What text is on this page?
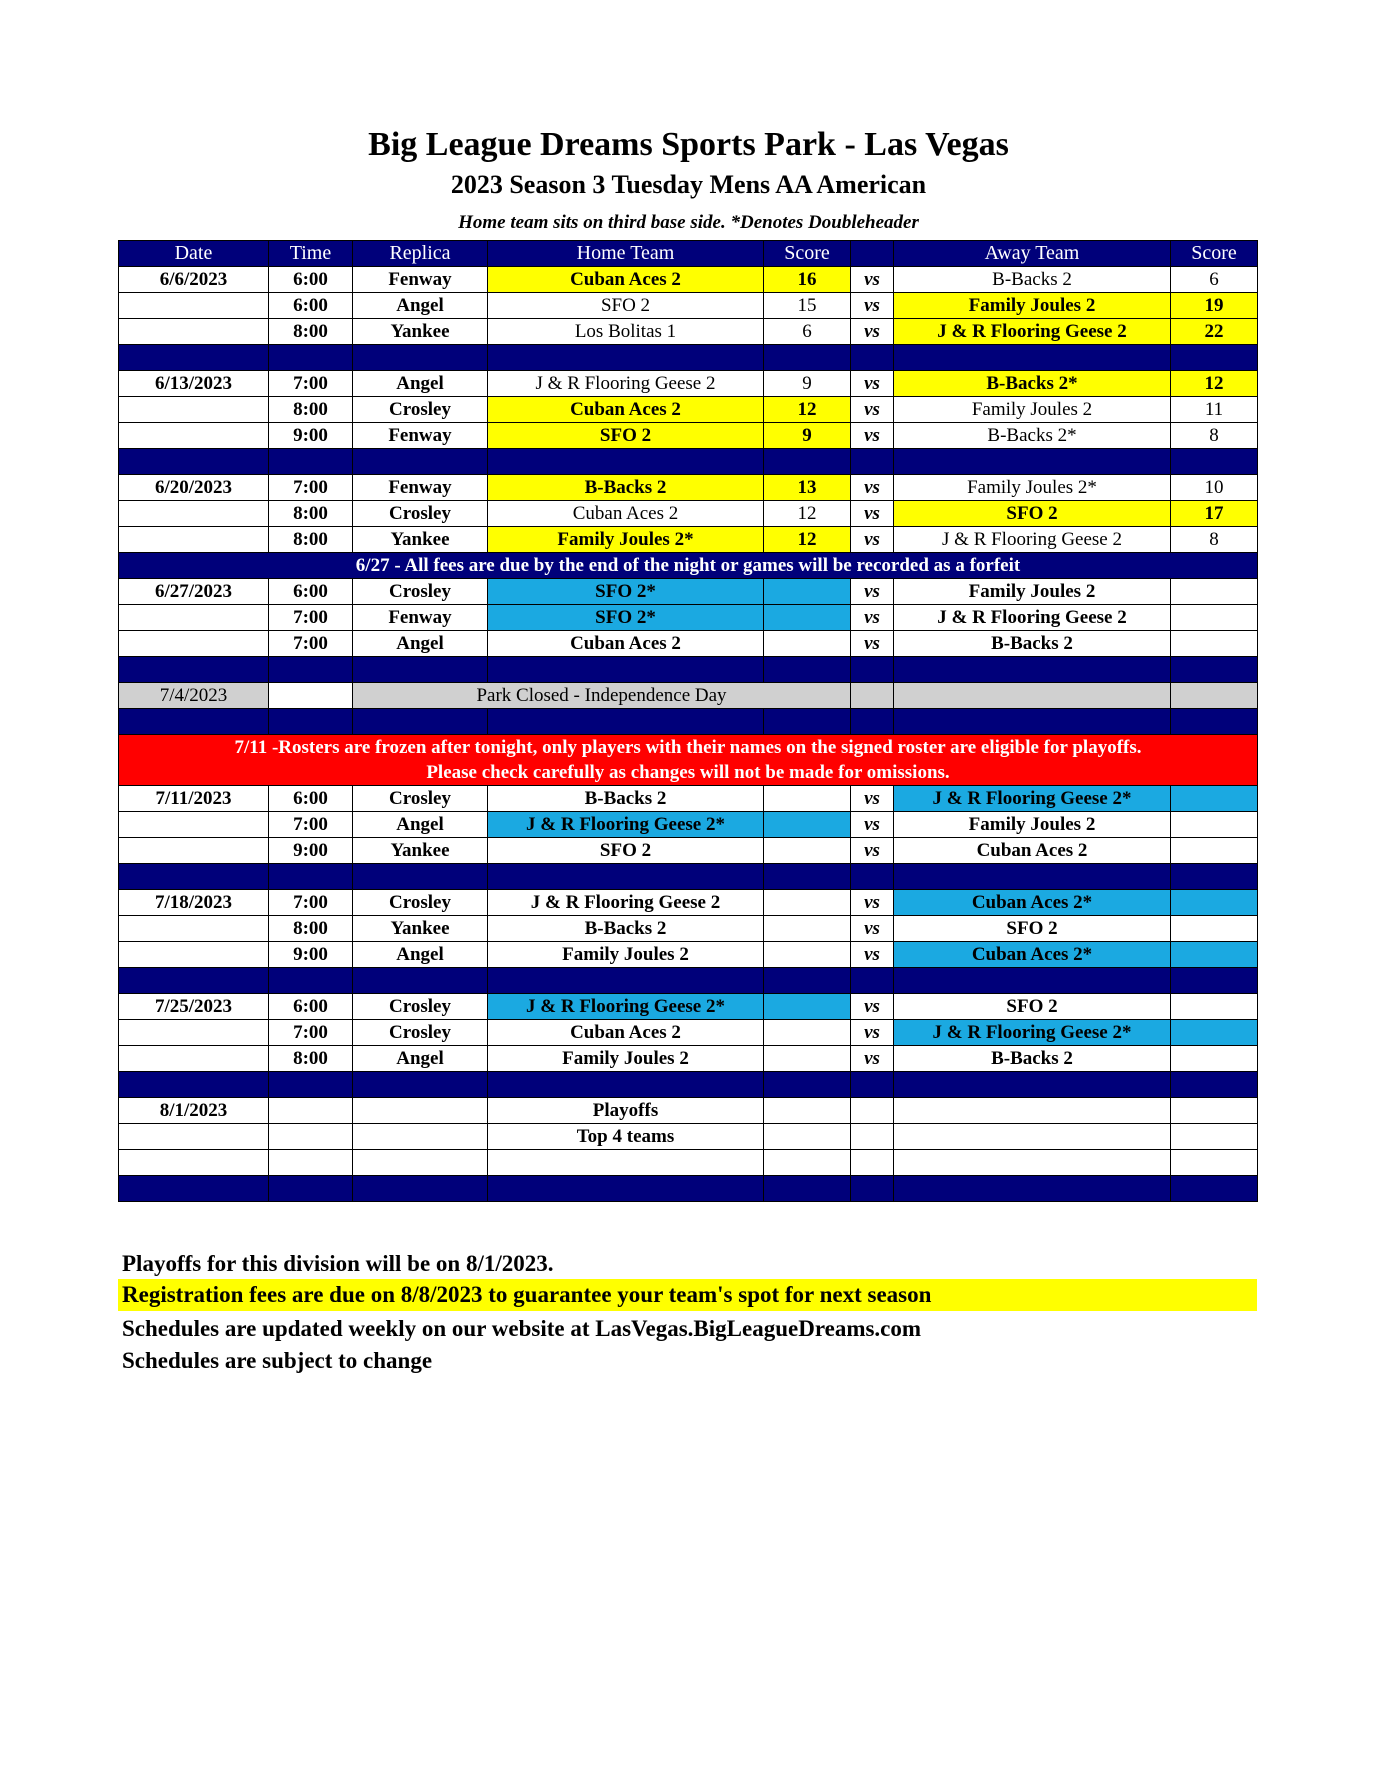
Big League Dreams Sports Park - Las Vegas
2023 Season 3 Tuesday Mens AA American
Home team sits on third base side. *Denotes Doubleheader
Date	Time	Replica	Home Team	Score		Away Team	Score
6/6/2023	6:00	Fenway	Cuban Aces 2	16	vs	B-Backs 2	6
	6:00	Angel	SFO 2	15	vs	Family Joules 2	19
	8:00	Yankee	Los Bolitas 1	6	vs	J & R Flooring Geese 2	22

6/13/2023	7:00	Angel	J & R Flooring Geese 2	9	vs	B-Backs 2*	12
	8:00	Crosley	Cuban Aces 2	12	vs	Family Joules 2	11
	9:00	Fenway	SFO 2	9	vs	B-Backs 2*	8

6/20/2023	7:00	Fenway	B-Backs 2	13	vs	Family Joules 2*	10
	8:00	Crosley	Cuban Aces 2	12	vs	SFO 2	17
	8:00	Yankee	Family Joules 2*	12	vs	J & R Flooring Geese 2	8
6/27 - All fees are due by the end of the night or games will be recorded as a forfeit							
6/27/2023	6:00	Crosley	SFO 2*		vs	Family Joules 2	
	7:00	Fenway	SFO 2*		vs	J & R Flooring Geese 2	
	7:00	Angel	Cuban Aces 2		vs	B-Backs 2	

7/4/2023		Park Closed - Independence Day					

7/11 -Rosters are frozen after tonight, only players with their names on the signed roster are eligible for playoffs.
Please check carefully as changes will not be made for omissions.							

7/11/2023	6:00	Crosley	B-Backs 2		vs	J & R Flooring Geese 2*	
	7:00	Angel	J & R Flooring Geese 2*		vs	Family Joules 2	
	9:00	Yankee	SFO 2		vs	Cuban Aces 2	

7/18/2023	7:00	Crosley	J & R Flooring Geese 2		vs	Cuban Aces 2*	
	8:00	Yankee	B-Backs 2		vs	SFO 2	
	9:00	Angel	Family Joules 2		vs	Cuban Aces 2*	

7/25/2023	6:00	Crosley	J & R Flooring Geese 2*		vs	SFO 2	
	7:00	Crosley	Cuban Aces 2		vs	J & R Flooring Geese 2*	
	8:00	Angel	Family Joules 2		vs	B-Backs 2	

8/1/2023			Playoffs				
			Top 4 teams				

Playoffs for this division will be on 8/1/2023.
Registration fees are due on 8/8/2023 to guarantee your team's spot for next season
Schedules are updated weekly on our website at LasVegas.BigLeagueDreams.com
Schedules are subject to change
